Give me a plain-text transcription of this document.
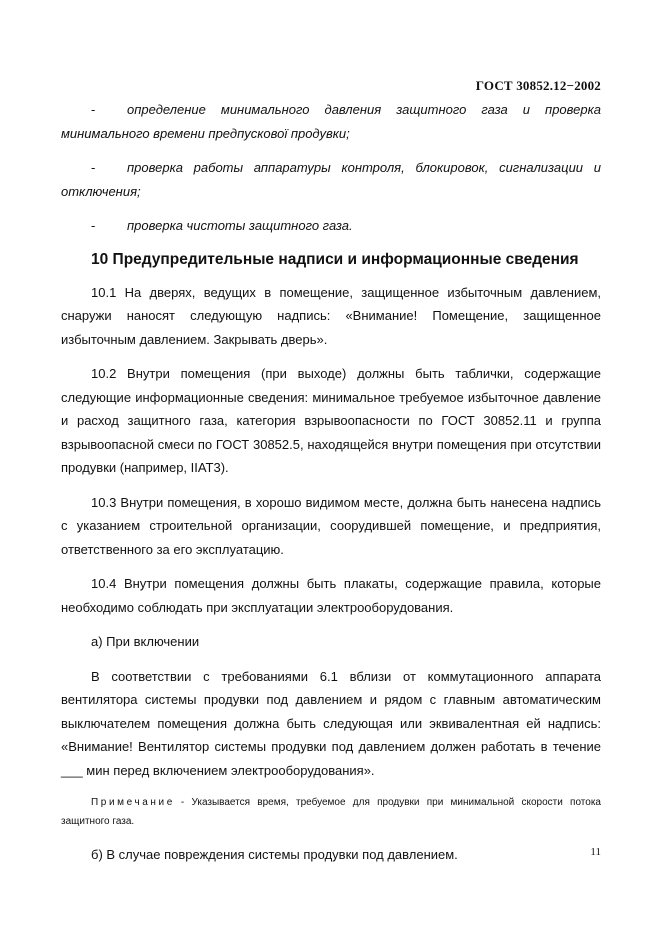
ГОСТ 30852.12−2002

- определение минимального давления защитного газа и проверка минимального времени предпускової продувки;

- проверка работы аппаратуры контроля, блокировок, сигнализации и отключения;

- проверка чистоты защитного газа.

10 Предупредительные надписи и информационные сведения

10.1 На дверях, ведущих в помещение, защищенное избыточным давлением, снаружи наносят следующую надпись: «Внимание! Помещение, защищенное избыточным давлением. Закрывать дверь».

10.2 Внутри помещения (при выходе) должны быть таблички, содержащие следующие информационные сведения: минимальное требуемое избыточное давление и расход защитного газа, категория взрывоопасности по ГОСТ 30852.11 и группа взрывоопасной смеси по ГОСТ 30852.5, находящейся внутри помещения при отсутствии продувки (например, IIАТ3).

10.3 Внутри помещения, в хорошо видимом месте, должна быть нанесена надпись с указанием строительной организации, соорудившей помещение, и предприятия, ответственного за его эксплуатацию.

10.4 Внутри помещения должны быть плакаты, содержащие правила, которые необходимо соблюдать при эксплуатации электрооборудования.

а) При включении

В соответствии с требованиями 6.1 вблизи от коммутационного аппарата вентилятора системы продувки под давлением и рядом с главным автоматическим выключателем помещения должна быть следующая или эквивалентная ей надпись: «Внимание! Вентилятор системы продувки под давлением должен работать в течение ___ мин перед включением электрооборудования».

Примечание - Указывается время, требуемое для продувки при минимальной скорости потока защитного газа.

б) В случае повреждения системы продувки под давлением.	11
